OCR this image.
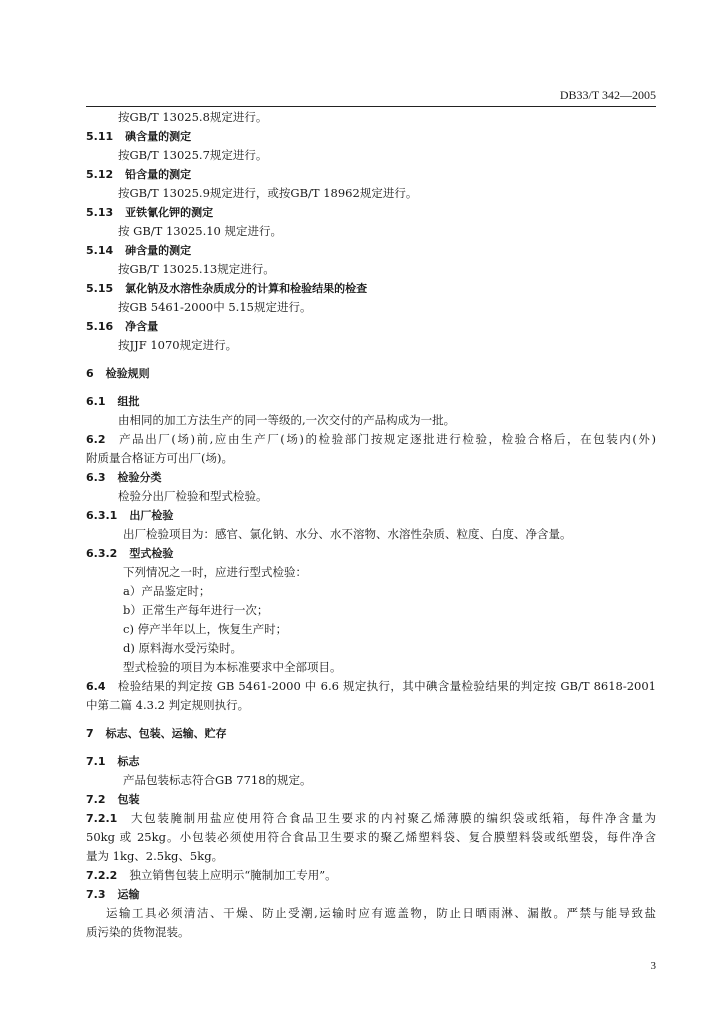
DB33/T 342—2005
按GB/T 13025.8规定进行。
5.11 碘含量的测定
按GB/T 13025.7规定进行。
5.12 铅含量的测定
按GB/T 13025.9规定进行，或按GB/T 18962规定进行。
5.13 亚铁氰化钾的测定
按 GB/T 13025.10 规定进行。
5.14 砷含量的测定
按GB/T 13025.13规定进行。
5.15 氯化钠及水溶性杂质成分的计算和检验结果的检查
按GB 5461-2000中 5.15规定进行。
5.16 净含量
按JJF 1070规定进行。
6 检验规则
6.1 组批
由相同的加工方法生产的同一等级的,一次交付的产品构成为一批。
6.2 产品出厂(场)前,应由生产厂(场)的检验部门按规定逐批进行检验，检验合格后，在包装内(外)
附质量合格证方可出厂(场)。
6.3 检验分类
检验分出厂检验和型式检验。
6.3.1 出厂检验
出厂检验项目为：感官、氯化钠、水分、水不溶物、水溶性杂质、粒度、白度、净含量。
6.3.2 型式检验
下列情况之一时，应进行型式检验：
a）产品鉴定时；
b）正常生产每年进行一次；
c) 停产半年以上，恢复生产时；
d) 原料海水受污染时。
型式检验的项目为本标准要求中全部项目。
6.4 检验结果的判定按 GB 5461-2000 中 6.6 规定执行，其中碘含量检验结果的判定按 GB/T 8618-2001
中第二篇 4.3.2 判定规则执行。
7 标志、包装、运输、贮存
7.1 标志
产品包装标志符合GB 7718的规定。
7.2 包装
7.2.1 大包装腌制用盐应使用符合食品卫生要求的内衬聚乙烯薄膜的编织袋或纸箱，每件净含量为
50kg 或 25kg。小包装必须使用符合食品卫生要求的聚乙烯塑料袋、复合膜塑料袋或纸塑袋，每件净含
量为 1kg、2.5kg、5kg。
7.2.2 独立销售包装上应明示“腌制加工专用”。
7.3 运输
运输工具必须清洁、干燥、防止受潮,运输时应有遮盖物，防止日晒雨淋、漏散。严禁与能导致盐
质污染的货物混装。
3
